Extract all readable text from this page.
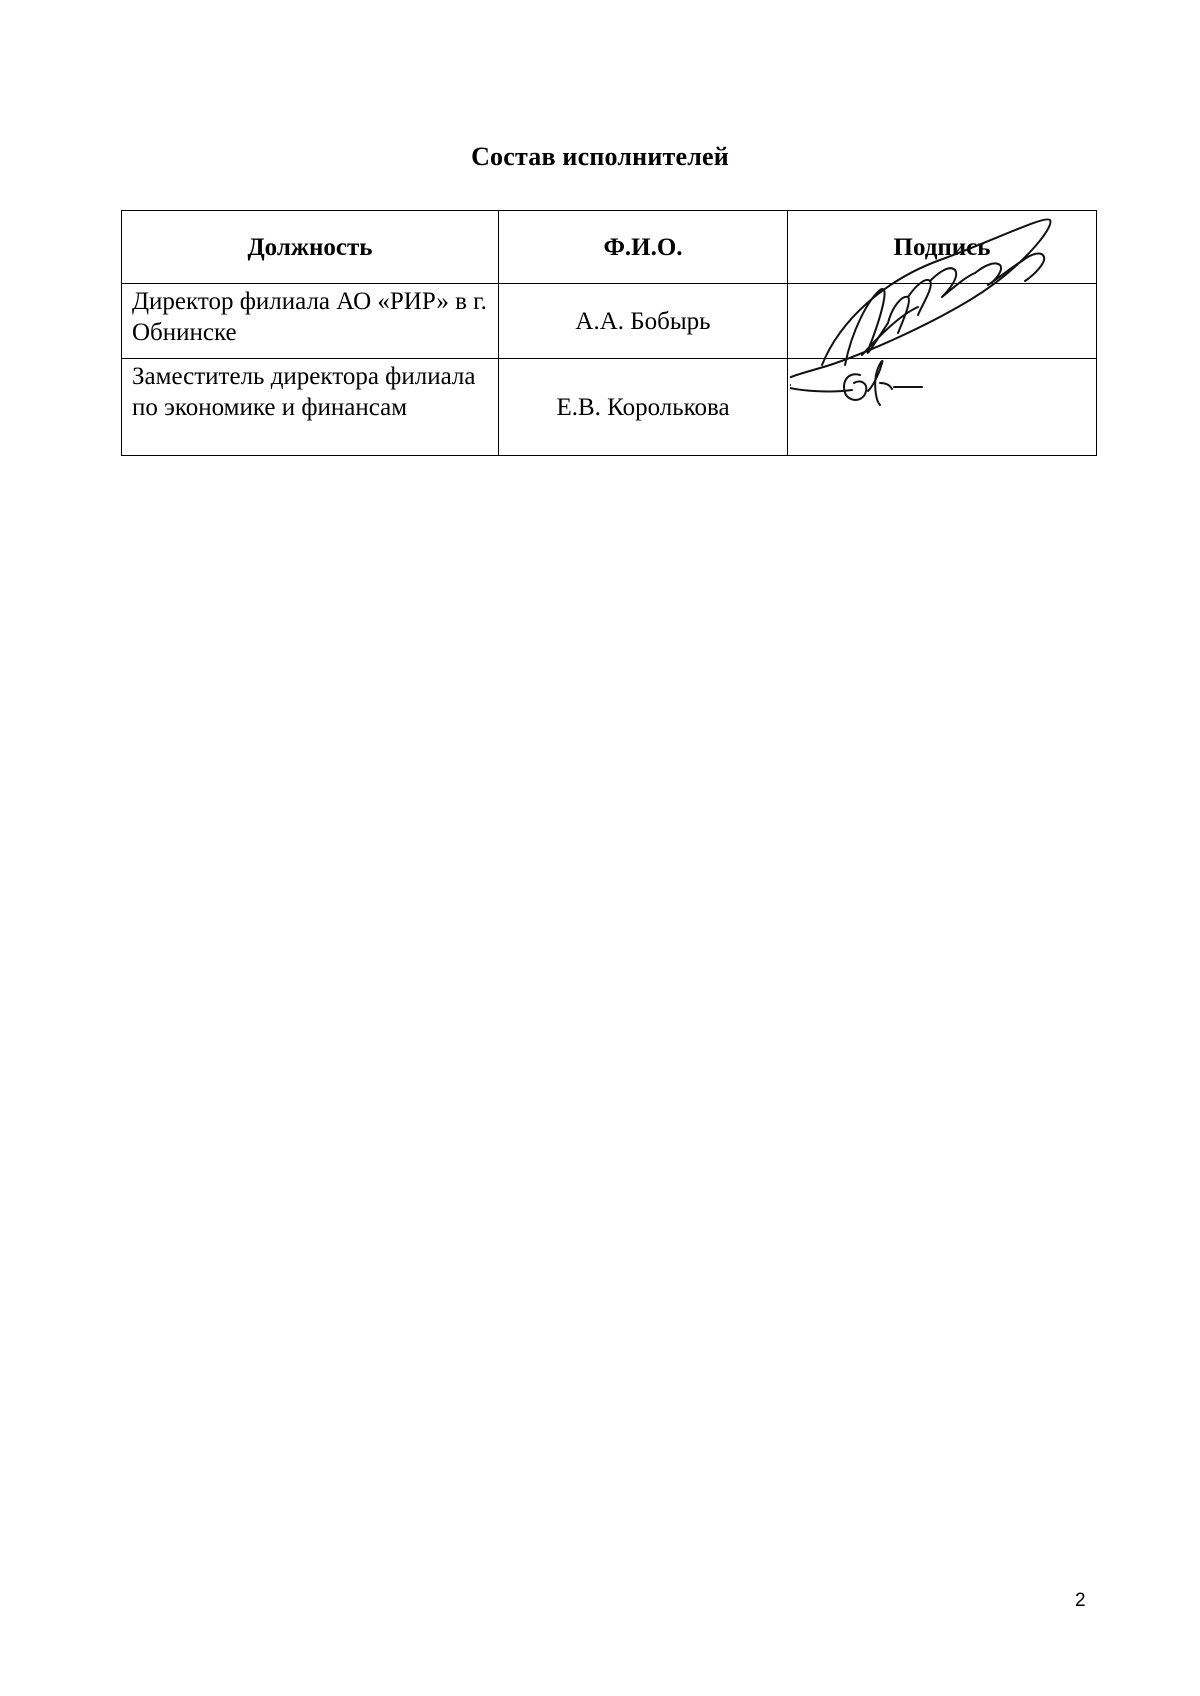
Состав исполнителей
Должность	Ф.И.О.	Подпись
Директор филиала АО «РИР» в г. Обнинске	А.А. Бобырь	
Заместитель директора филиала по экономике и финансам	Е.В. Королькова	
2
